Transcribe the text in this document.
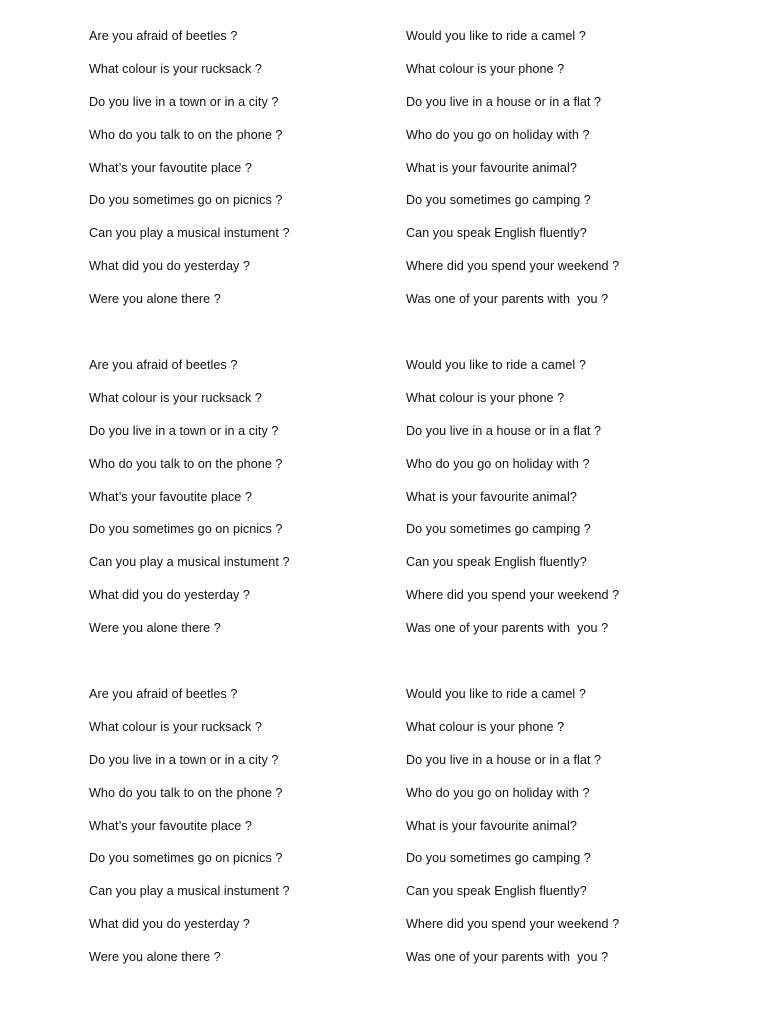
Are you afraid of beetles ?
What colour is your rucksack ?
Do you live in a town or in a city ?
Who do you talk to on the phone ?
What’s your favoutite place ?
Do you sometimes go on picnics ?
Can you play a musical instument ?
What did you do yesterday ?
Were you alone there ?
Would you like to ride a camel ?
What colour is your phone ?
Do you live in a house or in a flat ?
Who do you go on holiday with ?
What is your favourite animal?
Do you sometimes go camping ?
Can you speak English fluently?
Where did you spend your weekend ?
Was one of your parents with  you ?
Are you afraid of beetles ?
What colour is your rucksack ?
Do you live in a town or in a city ?
Who do you talk to on the phone ?
What’s your favoutite place ?
Do you sometimes go on picnics ?
Can you play a musical instument ?
What did you do yesterday ?
Were you alone there ?
Would you like to ride a camel ?
What colour is your phone ?
Do you live in a house or in a flat ?
Who do you go on holiday with ?
What is your favourite animal?
Do you sometimes go camping ?
Can you speak English fluently?
Where did you spend your weekend ?
Was one of your parents with  you ?
Are you afraid of beetles ?
What colour is your rucksack ?
Do you live in a town or in a city ?
Who do you talk to on the phone ?
What’s your favoutite place ?
Do you sometimes go on picnics ?
Can you play a musical instument ?
What did you do yesterday ?
Were you alone there ?
Would you like to ride a camel ?
What colour is your phone ?
Do you live in a house or in a flat ?
Who do you go on holiday with ?
What is your favourite animal?
Do you sometimes go camping ?
Can you speak English fluently?
Where did you spend your weekend ?
Was one of your parents with  you ?
